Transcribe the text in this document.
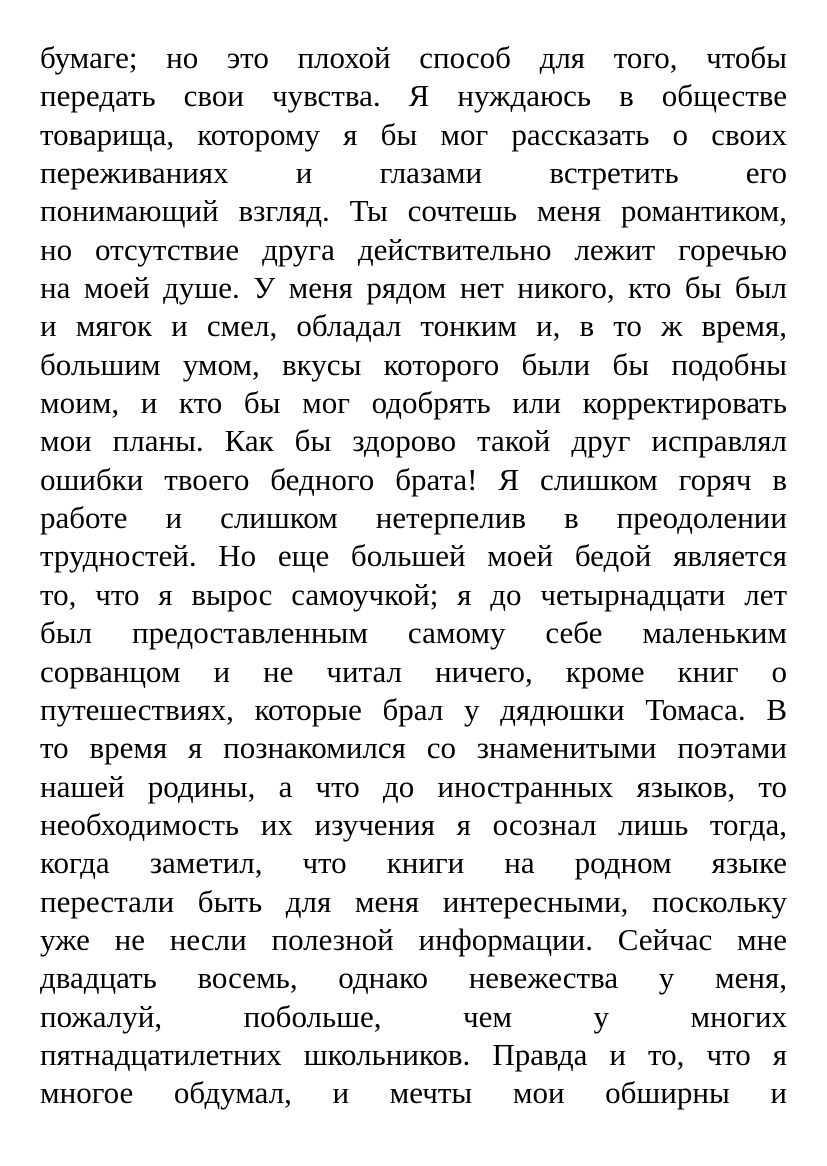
бумаге; но это плохой способ для того, чтобы
передать свои чувства. Я нуждаюсь в обществе
товарища, которому я бы мог рассказать о своих
переживаниях и глазами встретить его
понимающий взгляд. Ты сочтешь меня романтиком,
но отсутствие друга действительно лежит горечью
на моей душе. У меня рядом нет никого, кто бы был
и мягок и смел, обладал тонким и, в то ж время,
большим умом, вкусы которого были бы подобны
моим, и кто бы мог одобрять или корректировать
мои планы. Как бы здорово такой друг исправлял
ошибки твоего бедного брата! Я слишком горяч в
работе и слишком нетерпелив в преодолении
трудностей. Но еще большей моей бедой является
то, что я вырос самоучкой; я до четырнадцати лет
был предоставленным самому себе маленьким
сорванцом и не читал ничего, кроме книг о
путешествиях, которые брал у дядюшки Томаса. В
то время я познакомился со знаменитыми поэтами
нашей родины, а что до иностранных языков, то
необходимость их изучения я осознал лишь тогда,
когда заметил, что книги на родном языке
перестали быть для меня интересными, поскольку
уже не несли полезной информации. Сейчас мне
двадцать восемь, однако невежества у меня,
пожалуй, побольше, чем у многих
пятнадцатилетних школьников. Правда и то, что я
многое обдумал, и мечты мои обширны и
